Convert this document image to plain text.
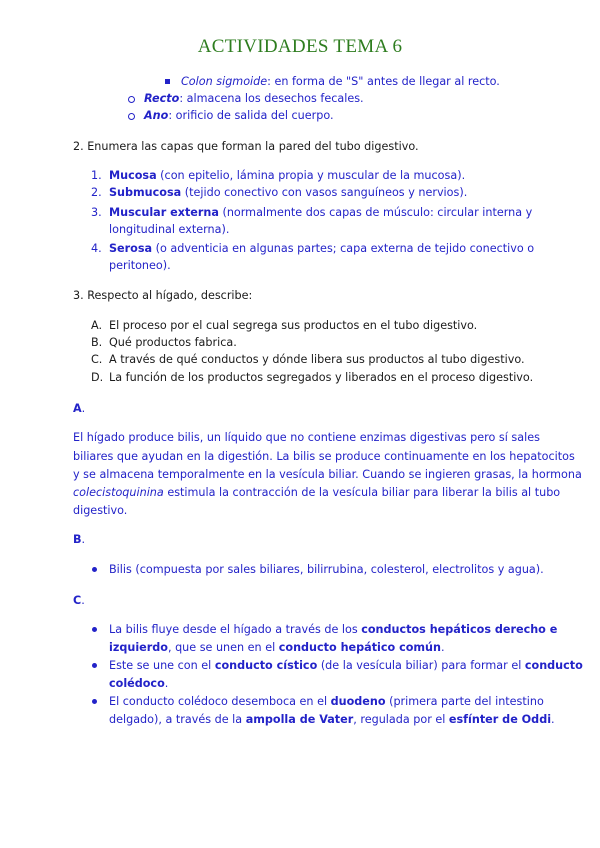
ACTIVIDADES TEMA 6
Colon sigmoide: en forma de "S" antes de llegar al recto.
Recto: almacena los desechos fecales.
Ano: orificio de salida del cuerpo.
2. Enumera las capas que forman la pared del tubo digestivo.
1. Mucosa (con epitelio, lámina propia y muscular de la mucosa).
2. Submucosa (tejido conectivo con vasos sanguíneos y nervios).
3. Muscular externa (normalmente dos capas de músculo: circular interna y
longitudinal externa).
4. Serosa (o adventicia en algunas partes; capa externa de tejido conectivo o
peritoneo).
3. Respecto al hígado, describe:
A. El proceso por el cual segrega sus productos en el tubo digestivo.
B. Qué productos fabrica.
C. A través de qué conductos y dónde libera sus productos al tubo digestivo.
D. La función de los productos segregados y liberados en el proceso digestivo.
A.
El hígado produce bilis, un líquido que no contiene enzimas digestivas pero sí sales
biliares que ayudan en la digestión. La bilis se produce continuamente en los hepatocitos
y se almacena temporalmente en la vesícula biliar. Cuando se ingieren grasas, la hormona
colecistoquinina estimula la contracción de la vesícula biliar para liberar la bilis al tubo
digestivo.
B.
Bilis (compuesta por sales biliares, bilirrubina, colesterol, electrolitos y agua).
C.
La bilis fluye desde el hígado a través de los conductos hepáticos derecho e
izquierdo, que se unen en el conducto hepático común.
Este se une con el conducto cístico (de la vesícula biliar) para formar el conducto
colédoco.
El conducto colédoco desemboca en el duodeno (primera parte del intestino
delgado), a través de la ampolla de Vater, regulada por el esfínter de Oddi.
